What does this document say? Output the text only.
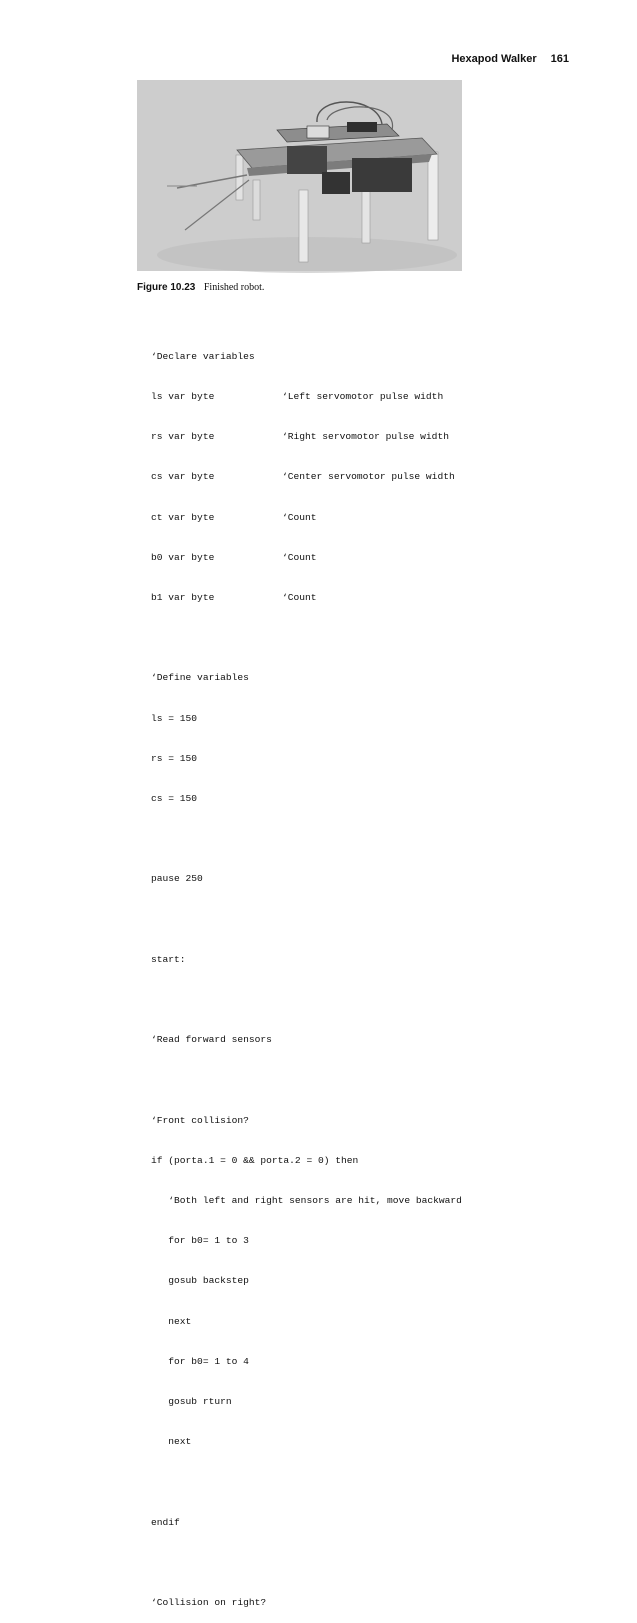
Hexapod Walker 161
Figure 10.23 Finished robot.

‘Declare variables

ls var byte	‘Left servomotor pulse width

rs var byte	‘Right servomotor pulse width

cs var byte	‘Center servomotor pulse width

ct var byte	‘Count

b0 var byte	‘Count

b1 var byte	‘Count

‘Define variables

ls = 150

rs = 150

cs = 150

pause 250

start:

‘Read forward sensors

‘Front collision?

if (porta.1 = 0 && porta.2 = 0) then

‘Both left and right sensors are hit, move backward

for b0= 1 to 3

gosub backstep

next

for b0= 1 to 4

gosub rturn

next

endif

‘Collision on right?
